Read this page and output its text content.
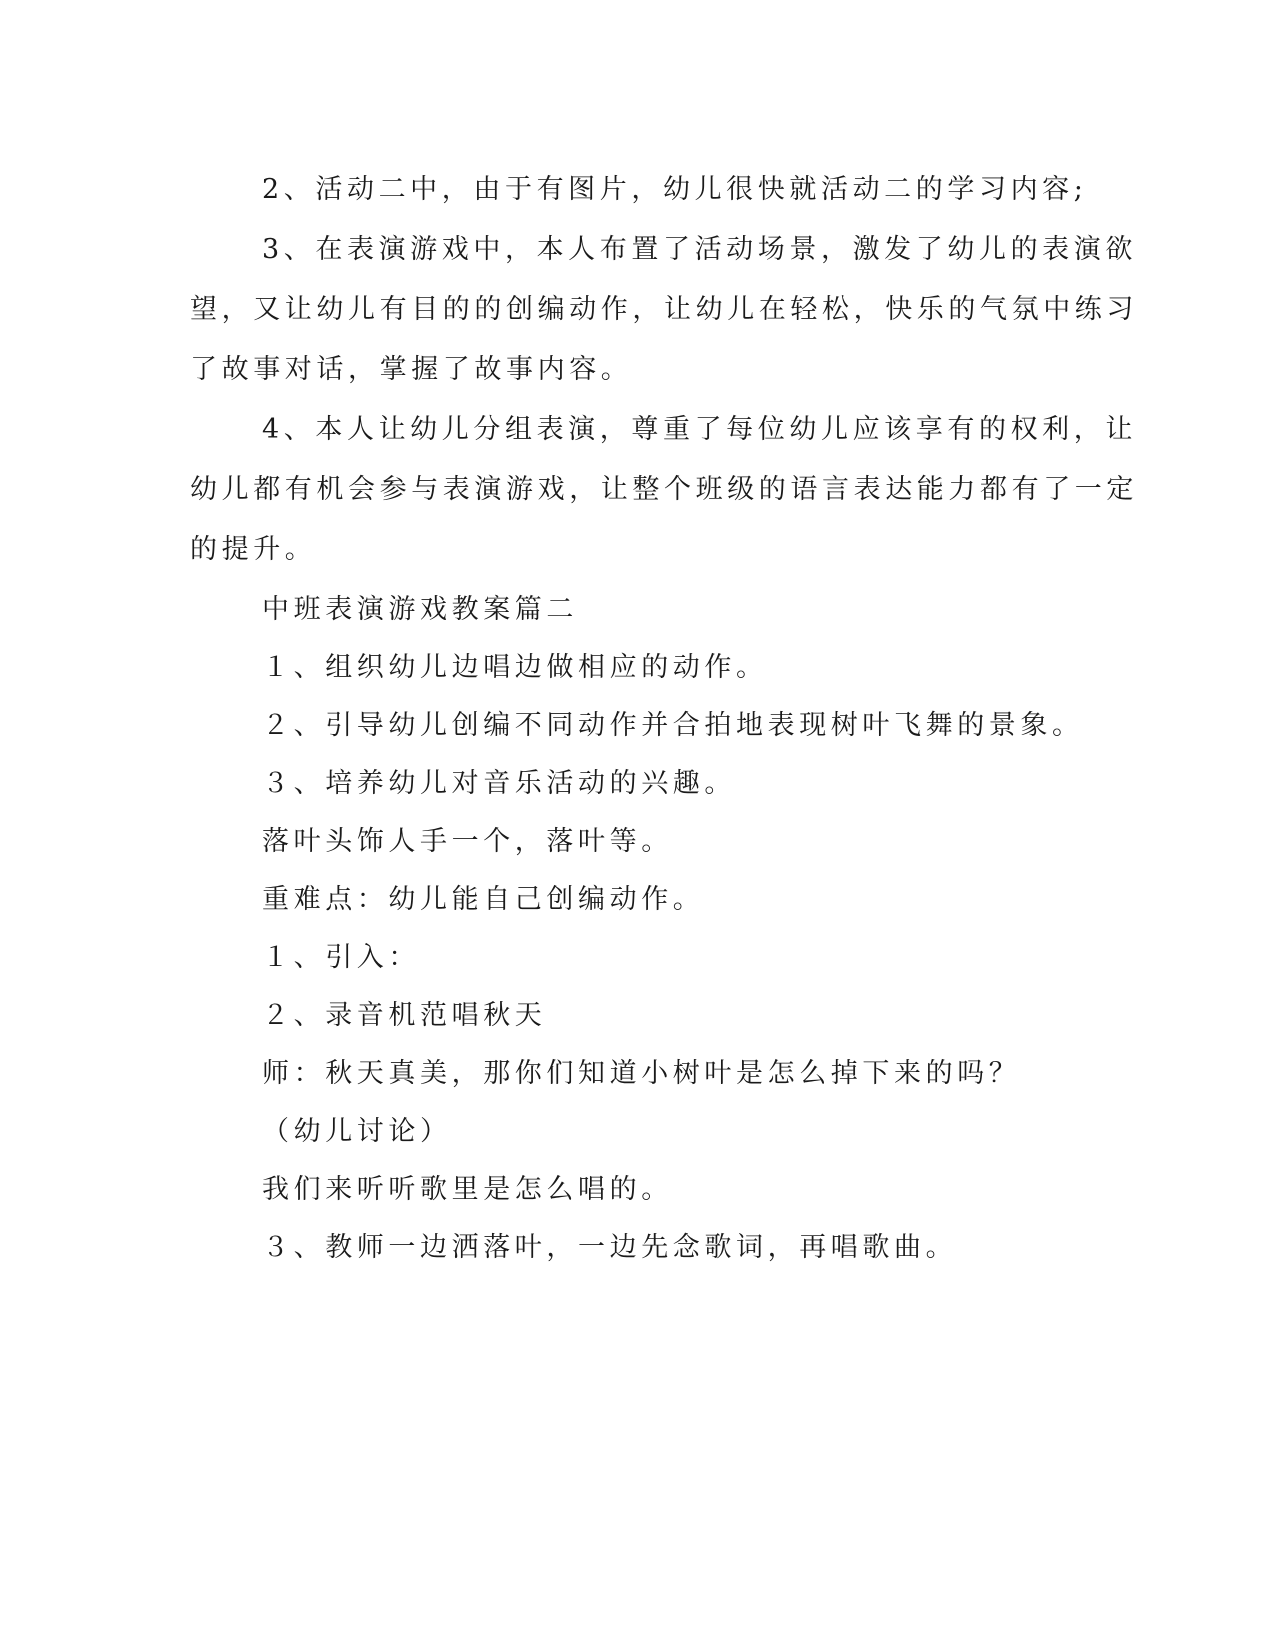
2、活动二中，由于有图片，幼儿很快就活动二的学习内容;
3、在表演游戏中，本人布置了活动场景，激发了幼儿的表演欲
望，又让幼儿有目的的创编动作，让幼儿在轻松，快乐的气氛中练习
了故事对话，掌握了故事内容。
4、本人让幼儿分组表演，尊重了每位幼儿应该享有的权利，让
幼儿都有机会参与表演游戏，让整个班级的语言表达能力都有了一定
的提升。
中班表演游戏教案篇二
１、组织幼儿边唱边做相应的动作。
２、引导幼儿创编不同动作并合拍地表现树叶飞舞的景象。
３、培养幼儿对音乐活动的兴趣。
落叶头饰人手一个，落叶等。
重难点：幼儿能自己创编动作。
１、引入：
２、录音机范唱秋天
师：秋天真美，那你们知道小树叶是怎么掉下来的吗？
（幼儿讨论）
我们来听听歌里是怎么唱的。
３、教师一边洒落叶，一边先念歌词，再唱歌曲。
